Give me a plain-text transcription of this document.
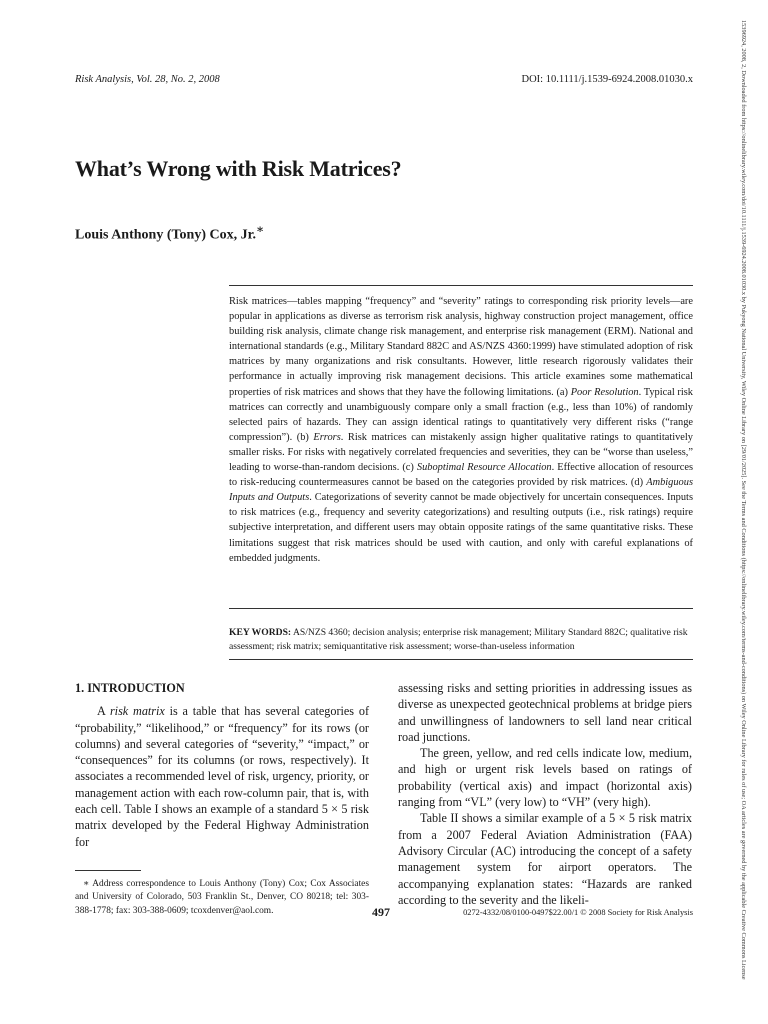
Risk Analysis, Vol. 28, No. 2, 2008	DOI: 10.1111/j.1539-6924.2008.01030.x
What’s Wrong with Risk Matrices?
Louis Anthony (Tony) Cox, Jr.∗
Risk matrices—tables mapping “frequency” and “severity” ratings to corresponding risk priority levels—are popular in applications as diverse as terrorism risk analysis, highway construction project management, office building risk analysis, climate change risk management, and enterprise risk management (ERM). National and international standards (e.g., Military Standard 882C and AS/NZS 4360:1999) have stimulated adoption of risk matrices by many organizations and risk consultants. However, little research rigorously validates their performance in actually improving risk management decisions. This article examines some mathematical properties of risk matrices and shows that they have the following limitations. (a) Poor Resolution. Typical risk matrices can correctly and unambiguously compare only a small fraction (e.g., less than 10%) of randomly selected pairs of hazards. They can assign identical ratings to quantitatively very different risks (“range compression”). (b) Errors. Risk matrices can mistakenly assign higher qualitative ratings to quantitatively smaller risks. For risks with negatively correlated frequencies and severities, they can be “worse than useless,” leading to worse-than-random decisions. (c) Suboptimal Resource Allocation. Effective allocation of resources to risk-reducing countermeasures cannot be based on the categories provided by risk matrices. (d) Ambiguous Inputs and Outputs. Categorizations of severity cannot be made objectively for uncertain consequences. Inputs to risk matrices (e.g., frequency and severity categorizations) and resulting outputs (i.e., risk ratings) require subjective interpretation, and different users may obtain opposite ratings of the same quantitative risks. These limitations suggest that risk matrices should be used with caution, and only with careful explanations of embedded judgments.
KEY WORDS: AS/NZS 4360; decision analysis; enterprise risk management; Military Standard 882C; qualitative risk assessment; risk matrix; semiquantitative risk assessment; worse-than-useless information
1. INTRODUCTION

A risk matrix is a table that has several categories of “probability,” “likelihood,” or “frequency” for its rows (or columns) and several categories of “severity,” “impact,” or “consequences” for its columns (or rows, respectively). It associates a recommended level of risk, urgency, priority, or management action with each row-column pair, that is, with each cell. Table I shows an example of a standard 5 × 5 risk matrix developed by the Federal Highway Administration for

assessing risks and setting priorities in addressing issues as diverse as unexpected geotechnical problems at bridge piers and unwillingness of landowners to sell land near critical road junctions.

The green, yellow, and red cells indicate low, medium, and high or urgent risk levels based on ratings of probability (vertical axis) and impact (horizontal axis) ranging from “VL” (very low) to “VH” (very high).

Table II shows a similar example of a 5 × 5 risk matrix from a 2007 Federal Aviation Administration (FAA) Advisory Circular (AC) introducing the concept of a safety management system for airport operators. The accompanying explanation states: “Hazards are ranked according to the severity and the likeli-

∗ Address correspondence to Louis Anthony (Tony) Cox; Cox Associates and University of Colorado, 503 Franklin St., Denver, CO 80218; tel: 303-388-1778; fax: 303-388-0609; tcoxdenver@aol.com.	497	0272-4332/08/0100-0497$22.00/1 © 2008 Society for Risk Analysis	15396924, 2008, 2, Downloaded from https://onlinelibrary.wiley.com/doi/10.1111/j.1539-6924.2008.01030.x by Pukyong National University, Wiley Online Library on [29/01/2025]. See the Terms and Conditions (https://onlinelibrary.wiley.com/terms-and-conditions) on Wiley Online Library for rules of use; OA articles are governed by the applicable Creative Commons License
